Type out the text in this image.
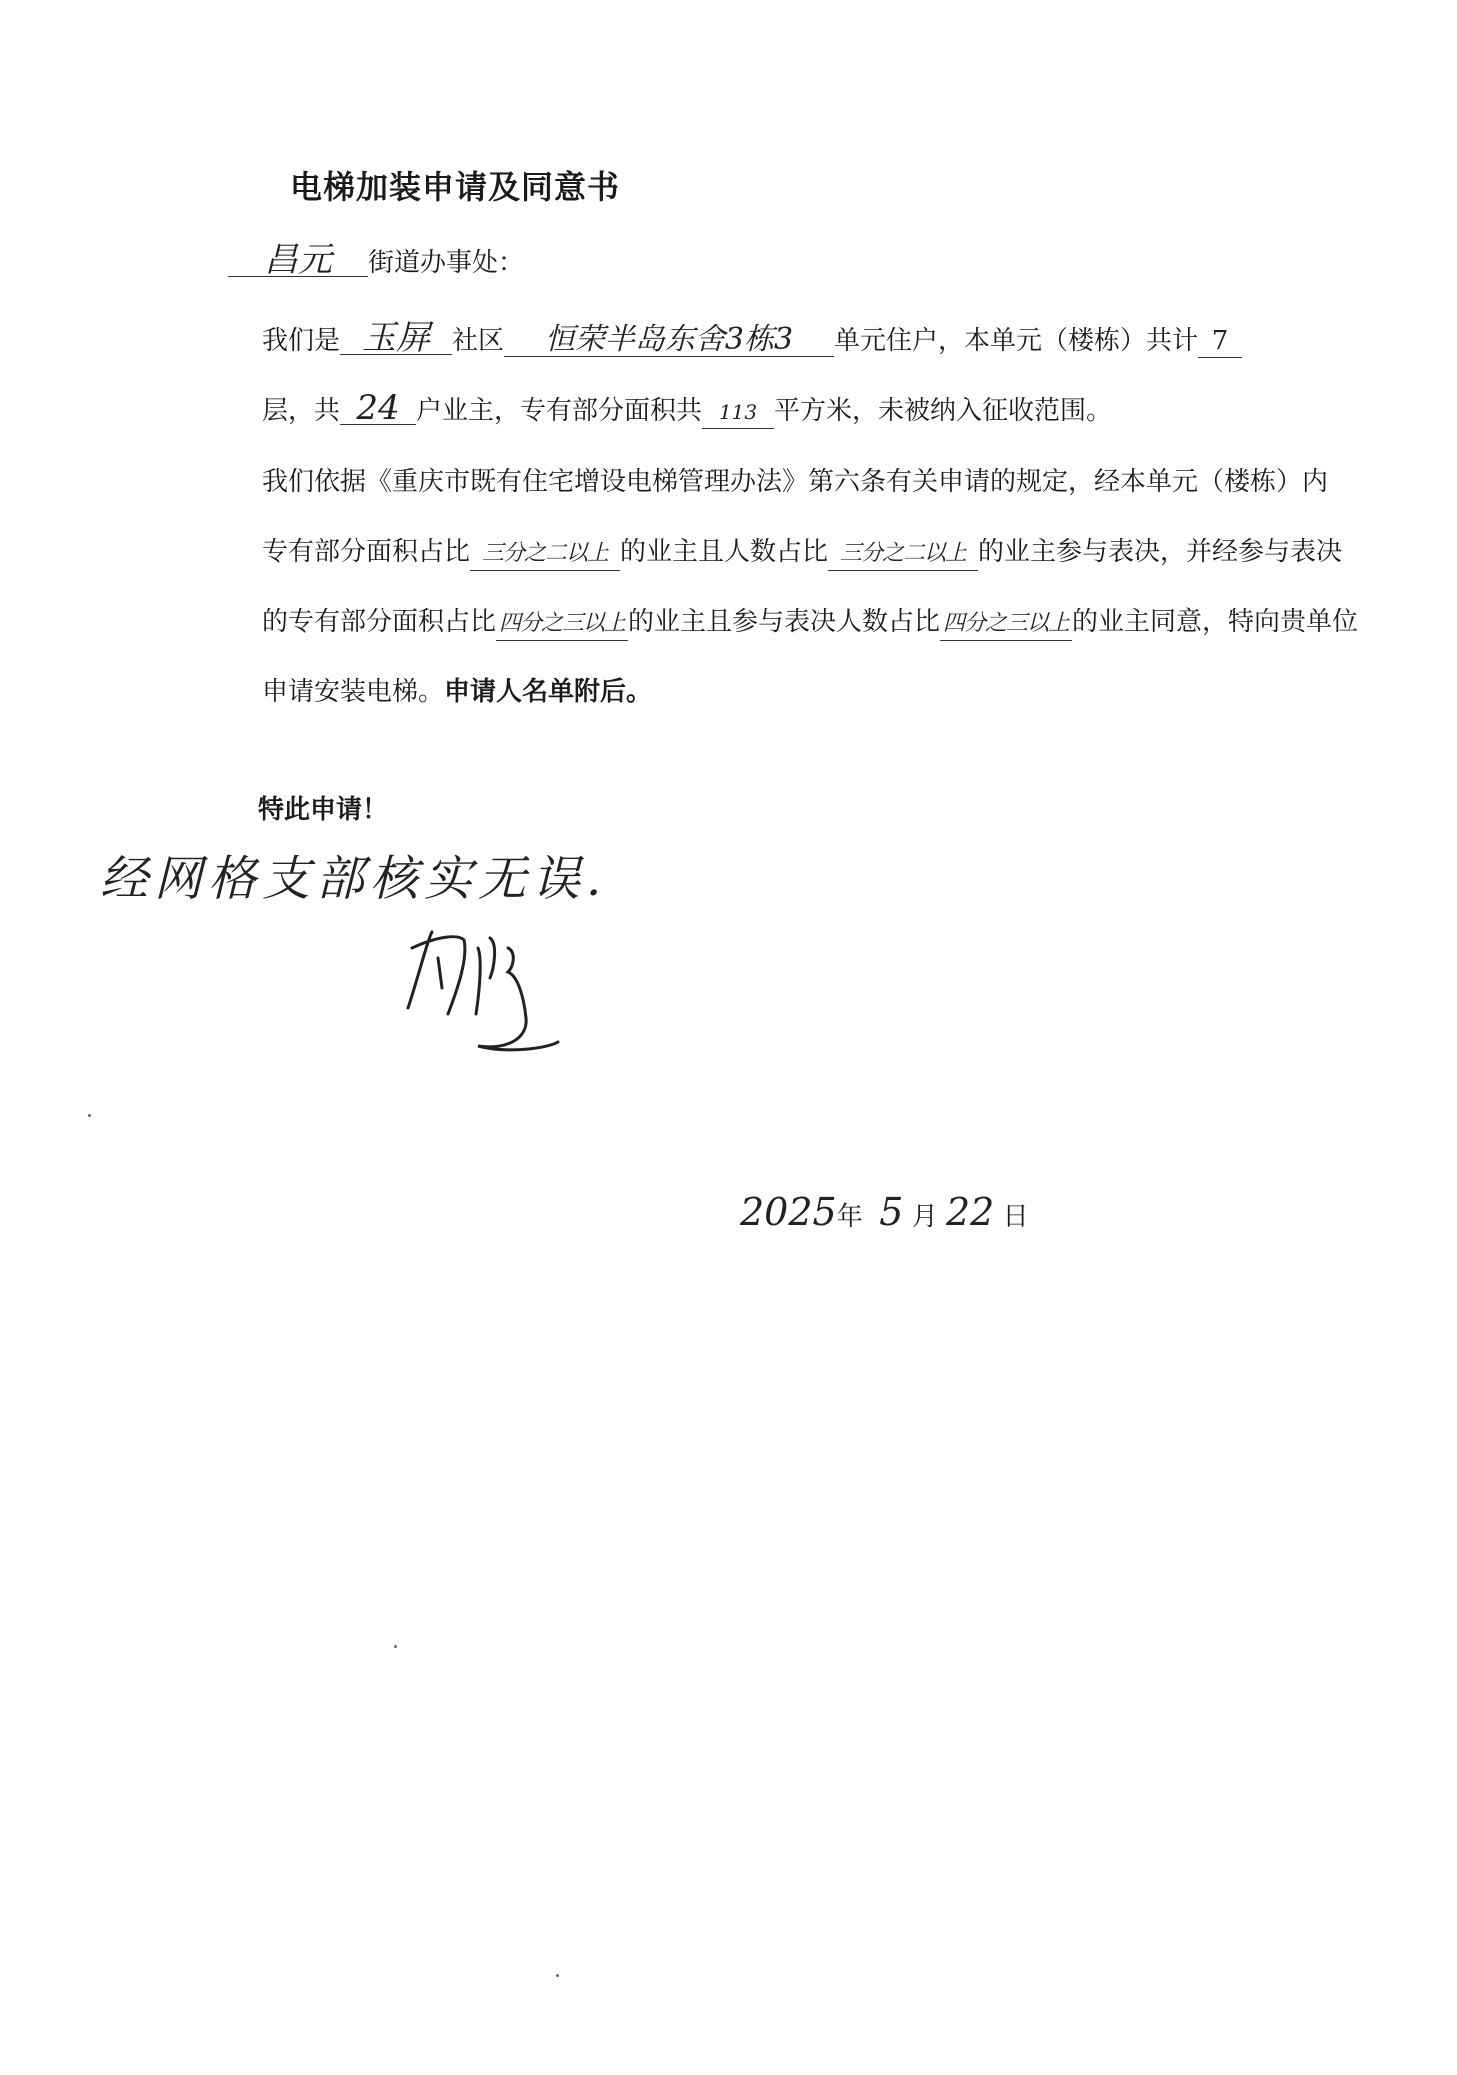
电梯加装申请及同意书
昌元 街道办事处：
我们是 玉屏 社区 恒荣半岛东舍3栋3 单元住户，本单元（楼栋）共计 7
层，共 24 户业主，专有部分面积共 113 平方米，未被纳入征收范围。
我们依据《重庆市既有住宅增设电梯管理办法》第六条有关申请的规定，经本单元（楼栋）内
专有部分面积占比 三分之二以上 的业主且人数占比 三分之二以上 的业主参与表决，并经参与表决
的专有部分面积占比 四分之三以上 的业主且参与表决人数占比 四分之三以上 的业主同意，特向贵单位
申请安装电梯。申请人名单附后。
特此申请！
经网格支部核实无误.
2025年 5 月 22 日
